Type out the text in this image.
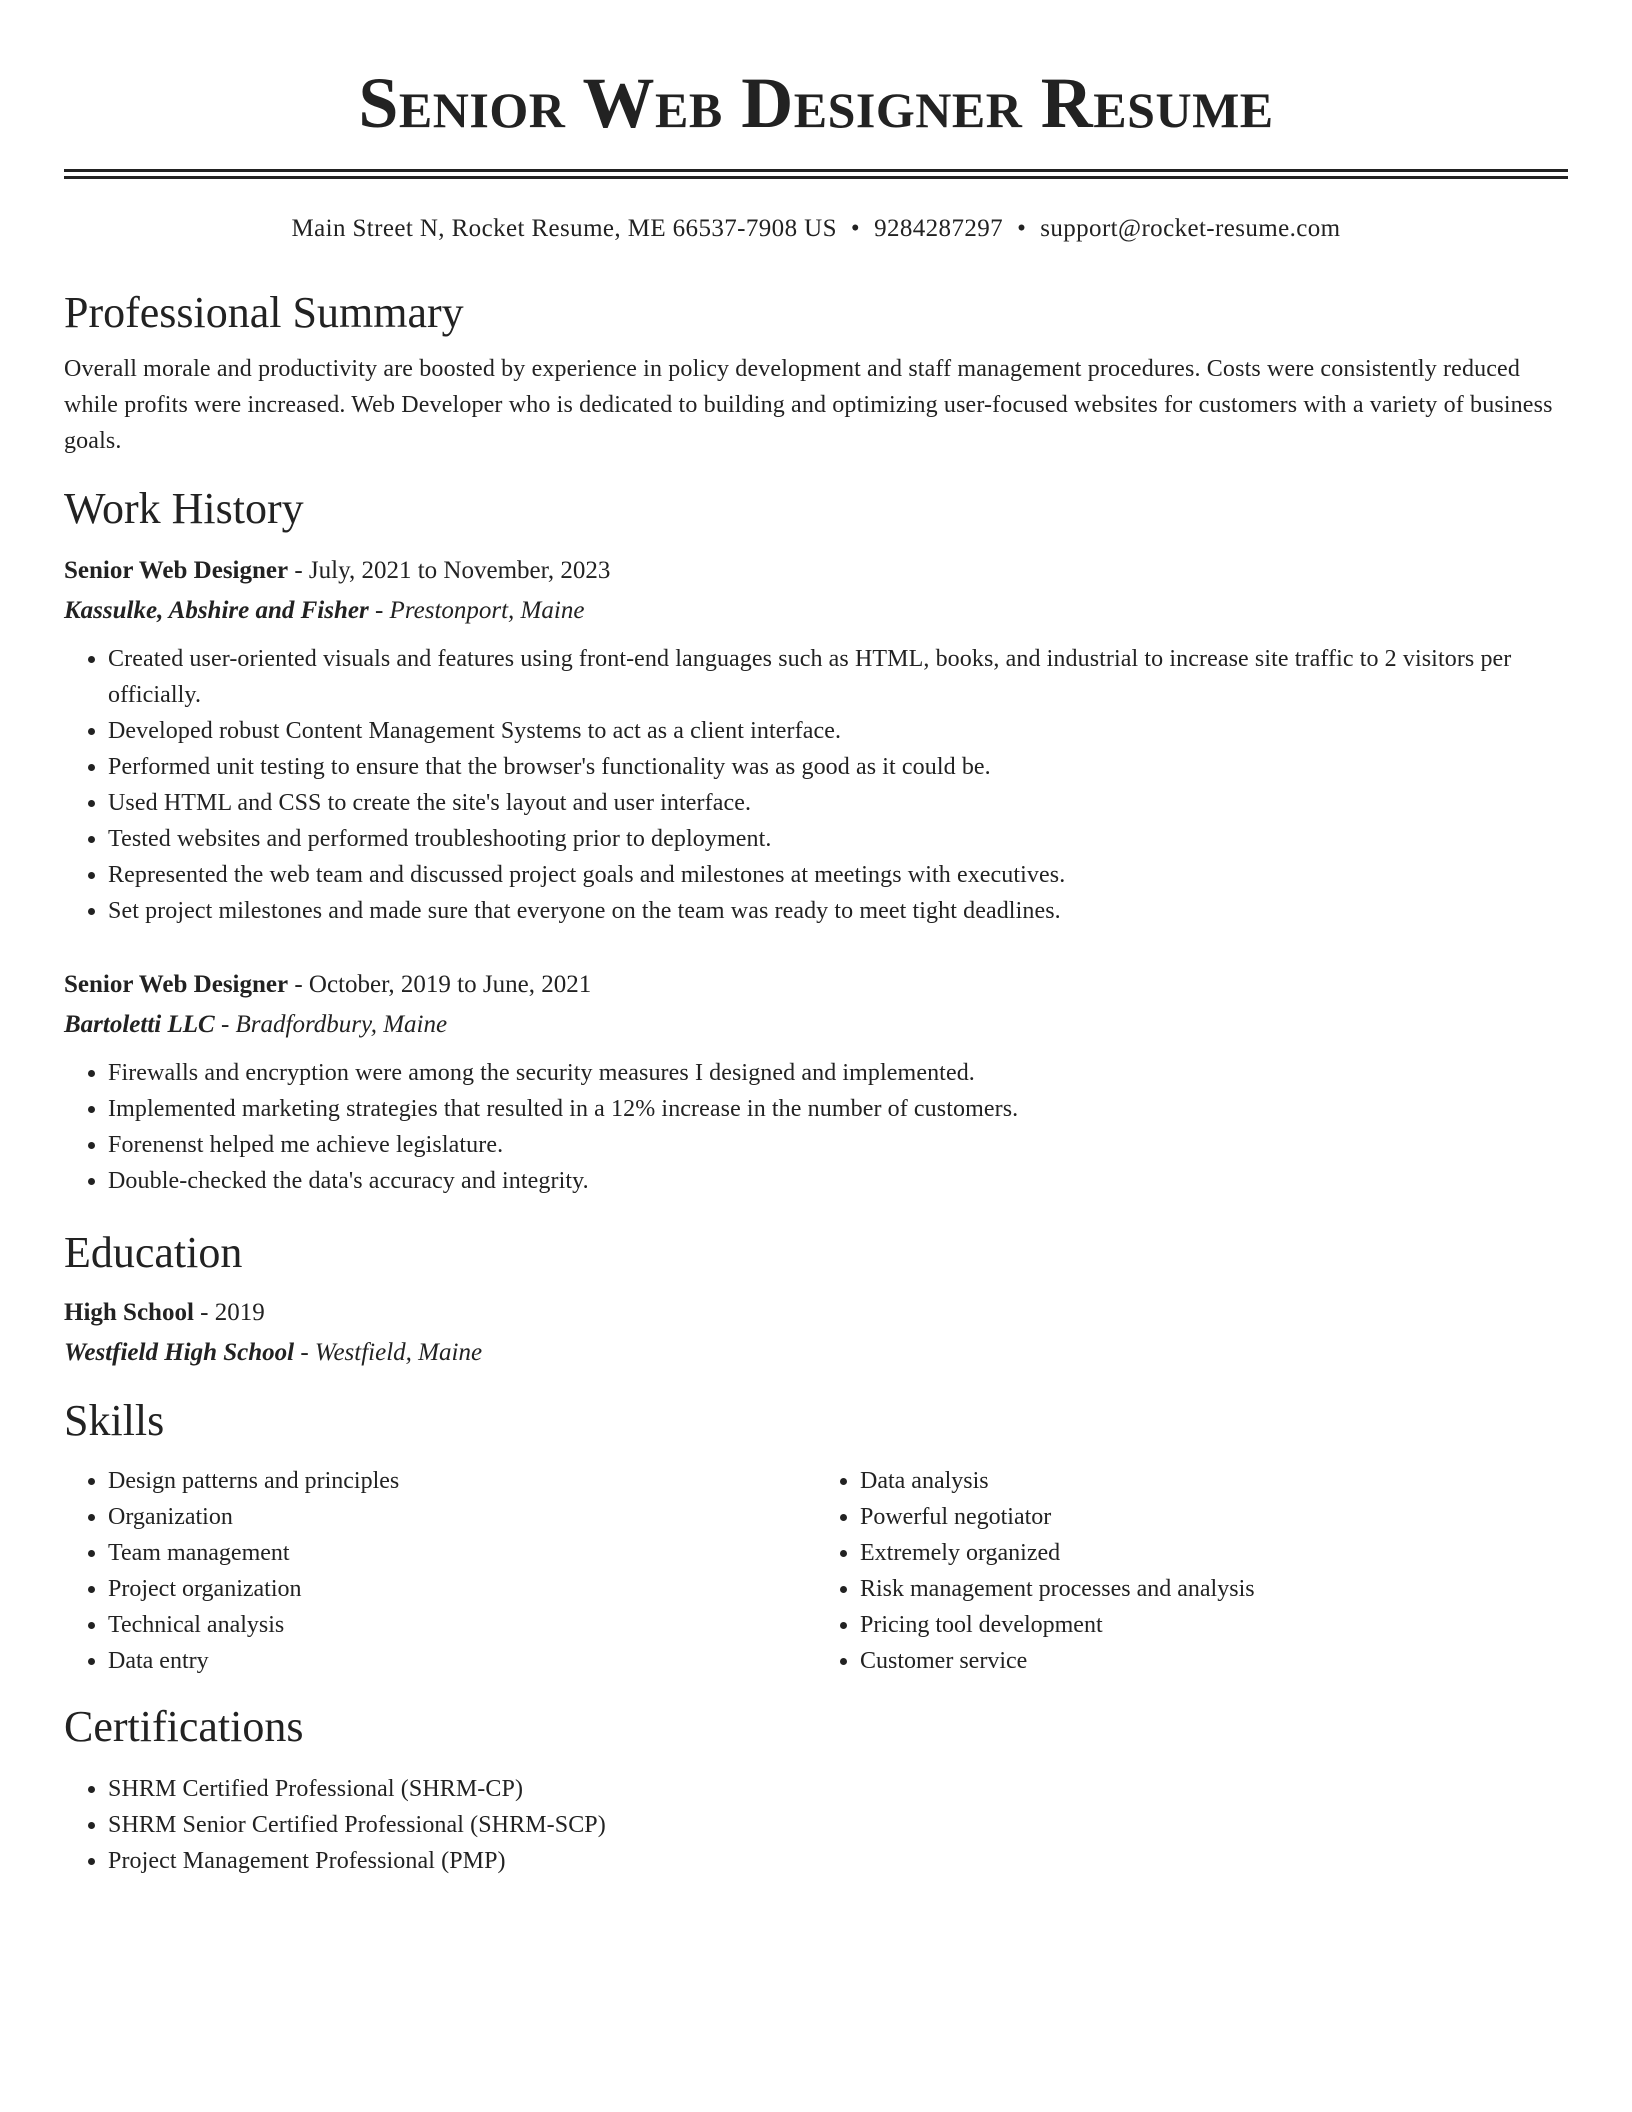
Senior Web Designer Resume
Main Street N, Rocket Resume, ME 66537-7908 US • 9284287297 • support@rocket-resume.com
Professional Summary
Overall morale and productivity are boosted by experience in policy development and staff management procedures. Costs were consistently reduced while profits were increased. Web Developer who is dedicated to building and optimizing user-focused websites for customers with a variety of business goals.
Work History
Senior Web Designer - July, 2021 to November, 2023
Kassulke, Abshire and Fisher - Prestonport, Maine
• Created user-oriented visuals and features using front-end languages such as HTML, books, and industrial to increase site traffic to 2 visitors per officially.
• Developed robust Content Management Systems to act as a client interface.
• Performed unit testing to ensure that the browser's functionality was as good as it could be.
• Used HTML and CSS to create the site's layout and user interface.
• Tested websites and performed troubleshooting prior to deployment.
• Represented the web team and discussed project goals and milestones at meetings with executives.
• Set project milestones and made sure that everyone on the team was ready to meet tight deadlines.
Senior Web Designer - October, 2019 to June, 2021
Bartoletti LLC - Bradfordbury, Maine
• Firewalls and encryption were among the security measures I designed and implemented.
• Implemented marketing strategies that resulted in a 12% increase in the number of customers.
• Forenenst helped me achieve legislature.
• Double-checked the data's accuracy and integrity.
Education
High School - 2019
Westfield High School - Westfield, Maine
Skills
• Design patterns and principles
• Organization
• Team management
• Project organization
• Technical analysis
• Data entry
• Data analysis
• Powerful negotiator
• Extremely organized
• Risk management processes and analysis
• Pricing tool development
• Customer service
Certifications
• SHRM Certified Professional (SHRM-CP)
• SHRM Senior Certified Professional (SHRM-SCP)
• Project Management Professional (PMP)
